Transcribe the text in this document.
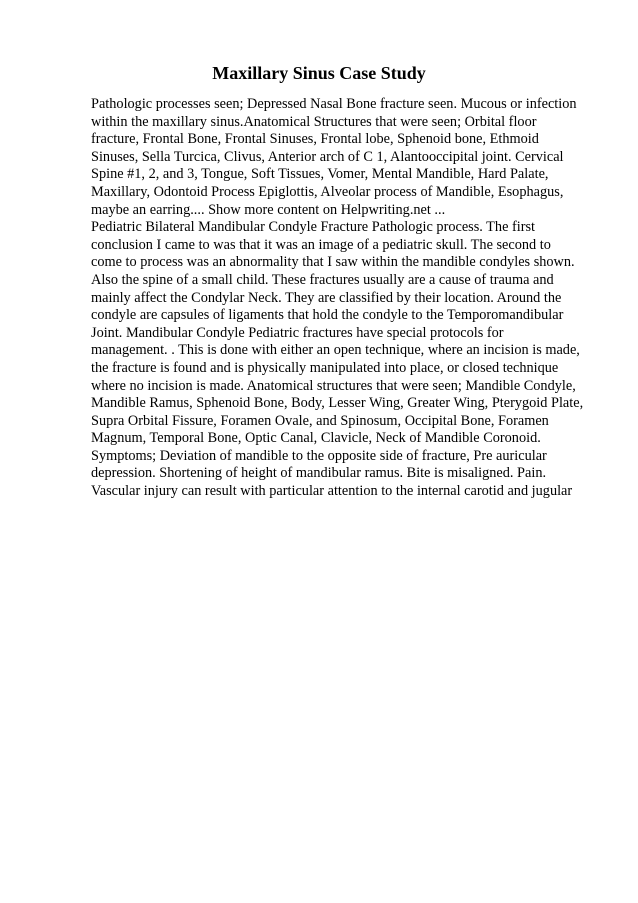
Maxillary Sinus Case Study
Pathologic processes seen; Depressed Nasal Bone fracture seen. Mucous or infection
within the maxillary sinus.Anatomical Structures that were seen; Orbital floor
fracture, Frontal Bone, Frontal Sinuses, Frontal lobe, Sphenoid bone, Ethmoid
Sinuses, Sella Turcica, Clivus, Anterior arch of C 1, Alantooccipital joint. Cervical
Spine #1, 2, and 3, Tongue, Soft Tissues, Vomer, Mental Mandible, Hard Palate,
Maxillary, Odontoid Process Epiglottis, Alveolar process of Mandible, Esophagus,
maybe an earring.... Show more content on Helpwriting.net ...
Pediatric Bilateral Mandibular Condyle Fracture Pathologic process. The first
conclusion I came to was that it was an image of a pediatric skull. The second to
come to process was an abnormality that I saw within the mandible condyles shown.
Also the spine of a small child. These fractures usually are a cause of trauma and
mainly affect the Condylar Neck. They are classified by their location. Around the
condyle are capsules of ligaments that hold the condyle to the Temporomandibular
Joint. Mandibular Condyle Pediatric fractures have special protocols for
management. . This is done with either an open technique, where an incision is made,
the fracture is found and is physically manipulated into place, or closed technique
where no incision is made. Anatomical structures that were seen; Mandible Condyle,
Mandible Ramus, Sphenoid Bone, Body, Lesser Wing, Greater Wing, Pterygoid Plate,
Supra Orbital Fissure, Foramen Ovale, and Spinosum, Occipital Bone, Foramen
Magnum, Temporal Bone, Optic Canal, Clavicle, Neck of Mandible Coronoid.
Symptoms; Deviation of mandible to the opposite side of fracture, Pre auricular
depression. Shortening of height of mandibular ramus. Bite is misaligned. Pain.
Vascular injury can result with particular attention to the internal carotid and jugular
